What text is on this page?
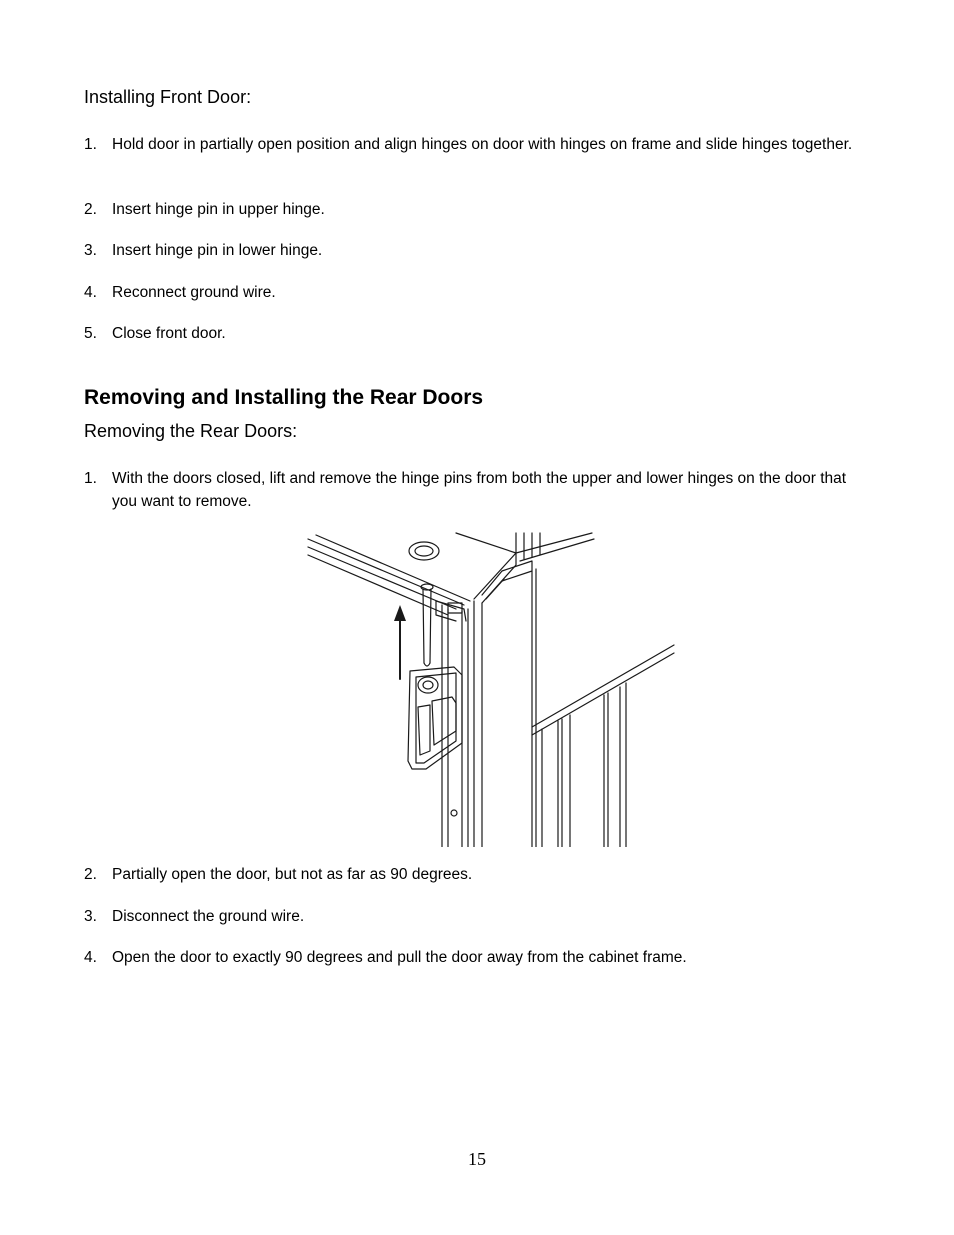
Installing Front Door:
1. Hold door in partially open position and align hinges on door with hinges on frame and slide hinges together.
2. Insert hinge pin in upper hinge.
3. Insert hinge pin in lower hinge.
4. Reconnect ground wire.
5. Close front door.
Removing and Installing the Rear Doors
Removing the Rear Doors:
1. With the doors closed, lift and remove the hinge pins from both the upper and lower hinges on the door that you want to remove.
2. Partially open the door, but not as far as 90 degrees.
3. Disconnect the ground wire.
4. Open the door to exactly 90 degrees and pull the door away from the cabinet frame.
15
